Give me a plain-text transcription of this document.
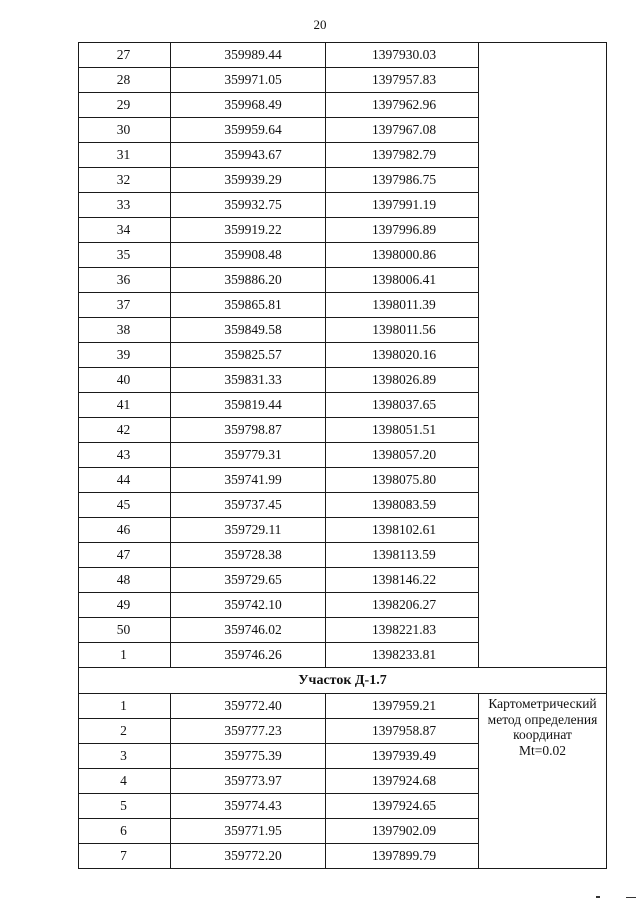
20
27	359989.44	1397930.03	
28	359971.05	1397957.83	
29	359968.49	1397962.96	
30	359959.64	1397967.08	
31	359943.67	1397982.79	
32	359939.29	1397986.75	
33	359932.75	1397991.19	
34	359919.22	1397996.89	
35	359908.48	1398000.86	
36	359886.20	1398006.41	
37	359865.81	1398011.39	
38	359849.58	1398011.56	
39	359825.57	1398020.16	
40	359831.33	1398026.89	
41	359819.44	1398037.65	
42	359798.87	1398051.51	
43	359779.31	1398057.20	
44	359741.99	1398075.80	
45	359737.45	1398083.59	
46	359729.11	1398102.61	
47	359728.38	1398113.59	
48	359729.65	1398146.22	
49	359742.10	1398206.27	
50	359746.02	1398221.83	
1	359746.26	1398233.81	
Участок Д-1.7			
1	359772.40	1397959.21	Картометрический
метод определения
координат
Mt=0.02

2	359777.23	1397958.87	
3	359775.39	1397939.49	
4	359773.97	1397924.68	
5	359774.43	1397924.65	
6	359771.95	1397902.09	
7	359772.20	1397899.79	
